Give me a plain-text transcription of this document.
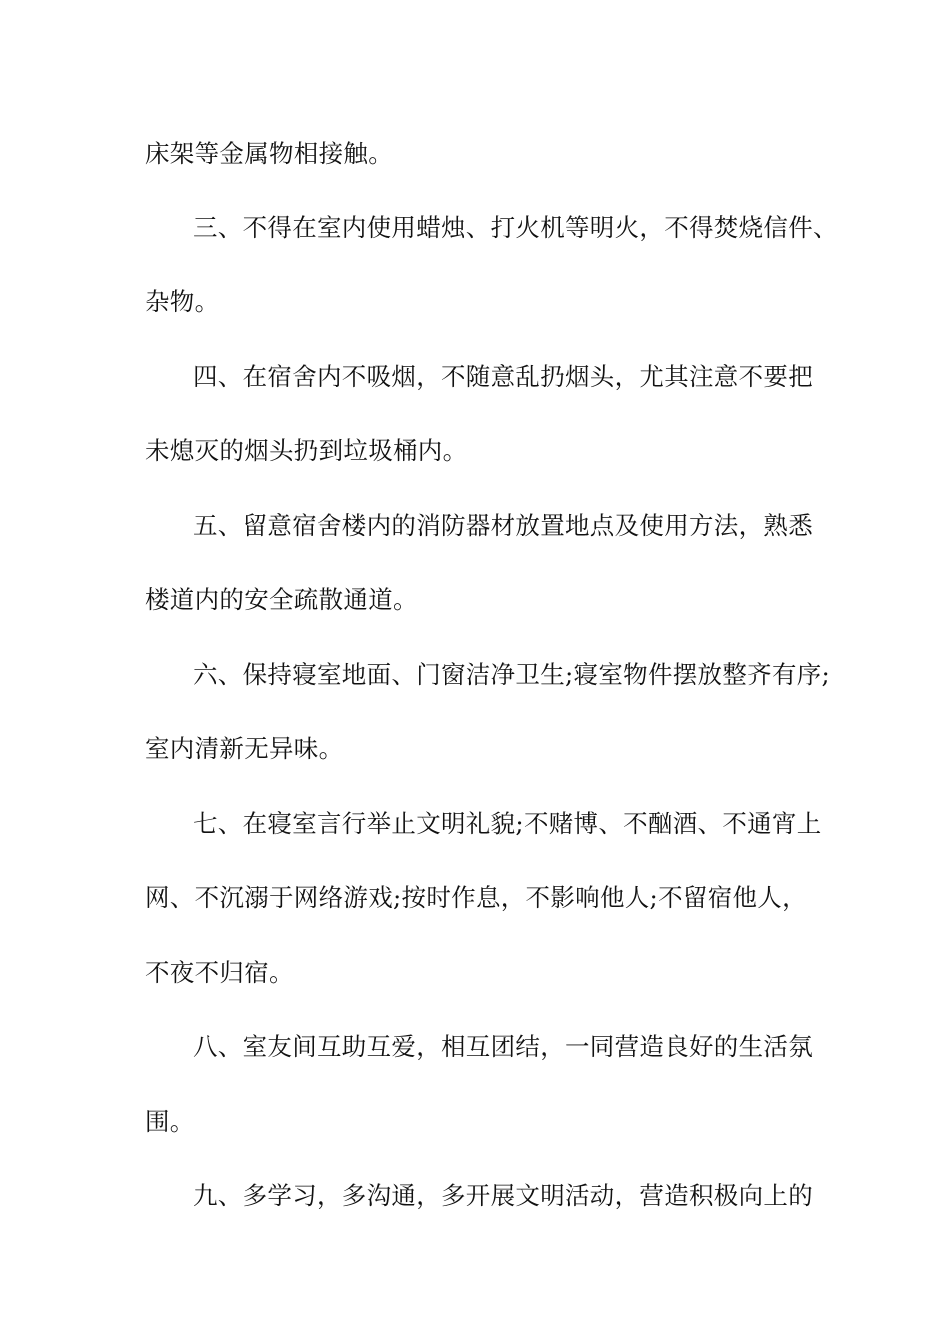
床架等金属物相接触。
三、不得在室内使用蜡烛、打火机等明火，不得焚烧信件、
杂物。
四、在宿舍内不吸烟，不随意乱扔烟头，尤其注意不要把
未熄灭的烟头扔到垃圾桶内。
五、留意宿舍楼内的消防器材放置地点及使用方法，熟悉
楼道内的安全疏散通道。
六、保持寝室地面、门窗洁净卫生;寝室物件摆放整齐有序;
室内清新无异味。
七、在寝室言行举止文明礼貌;不赌博、不酗酒、不通宵上
网、不沉溺于网络游戏;按时作息，不影响他人;不留宿他人，
不夜不归宿。
八、室友间互助互爱，相互团结，一同营造良好的生活氛
围。
九、多学习，多沟通，多开展文明活动，营造积极向上的
